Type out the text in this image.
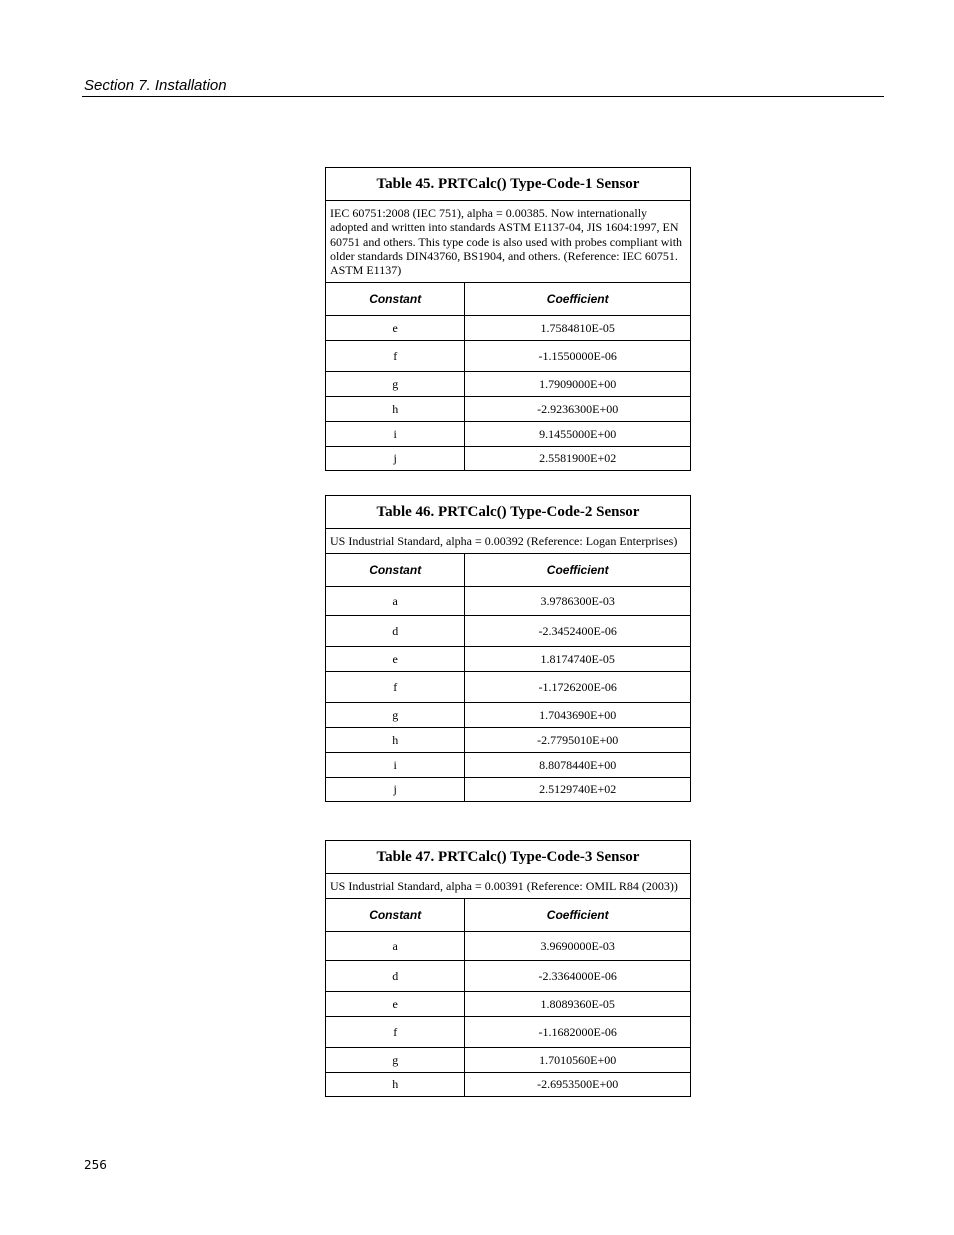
Section 7. Installation
Table 45. PRTCalc() Type-Code-1 Sensor	
IEC 60751:2008 (IEC 751), alpha = 0.00385. Now internationally adopted and written into standards ASTM E1137-04, JIS 1604:1997, EN 60751 and others. This type code is also used with probes compliant with older standards DIN43760, BS1904, and others. (Reference: IEC 60751. ASTM E1137)	
Constant	Coefficient
e	1.7584810E-05
f	-1.1550000E-06
g	1.7909000E+00
h	-2.9236300E+00
i	9.1455000E+00
j	2.5581900E+02
Table 46. PRTCalc() Type-Code-2 Sensor	
US Industrial Standard, alpha = 0.00392 (Reference: Logan Enterprises)	
Constant	Coefficient
a	3.9786300E-03
d	-2.3452400E-06
e	1.8174740E-05
f	-1.1726200E-06
g	1.7043690E+00
h	-2.7795010E+00
i	8.8078440E+00
j	2.5129740E+02
Table 47. PRTCalc() Type-Code-3 Sensor	
US Industrial Standard, alpha = 0.00391 (Reference: OMIL R84 (2003))	
Constant	Coefficient
a	3.9690000E-03
d	-2.3364000E-06
e	1.8089360E-05
f	-1.1682000E-06
g	1.7010560E+00
h	-2.6953500E+00
256
